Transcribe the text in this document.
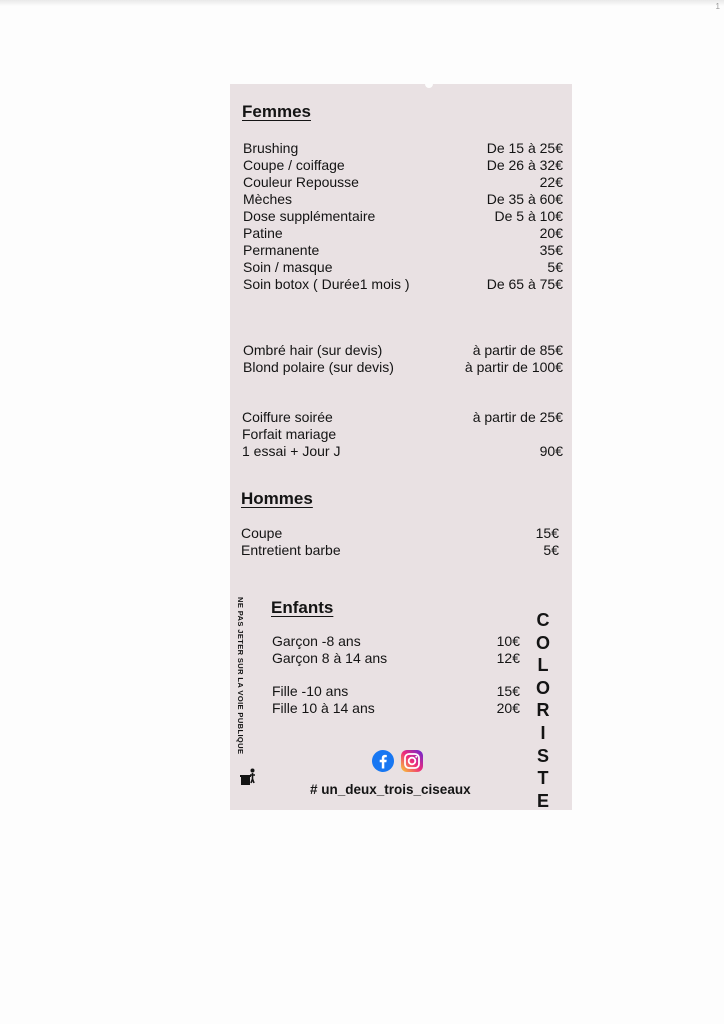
1
Femmes
Brushing	De 15 à 25€
Coupe / coiffage	De 26 à 32€
Couleur Repousse	22€
Mèches	De 35 à 60€
Dose supplémentaire	De 5 à 10€
Patine	20€
Permanente	35€
Soin / masque	5€
Soin botox ( Durée1 mois )	De 65 à 75€
Ombré hair (sur devis)	à partir de 85€
Blond polaire (sur devis)	à partir de 100€
Coiffure soirée	à partir de 25€
Forfait mariage
1 essai + Jour J	90€
Hommes
Coupe	15€
Entretient barbe	5€
Enfants
Garçon -8 ans	10€
Garçon 8 à 14 ans	12€
Fille -10 ans	15€
Fille 10 à 14 ans	20€
NE PAS JETER SUR LA VOIE PUBLIQUE	C
O
L
O
R
I
S
T
E
# un_deux_trois_ciseaux
